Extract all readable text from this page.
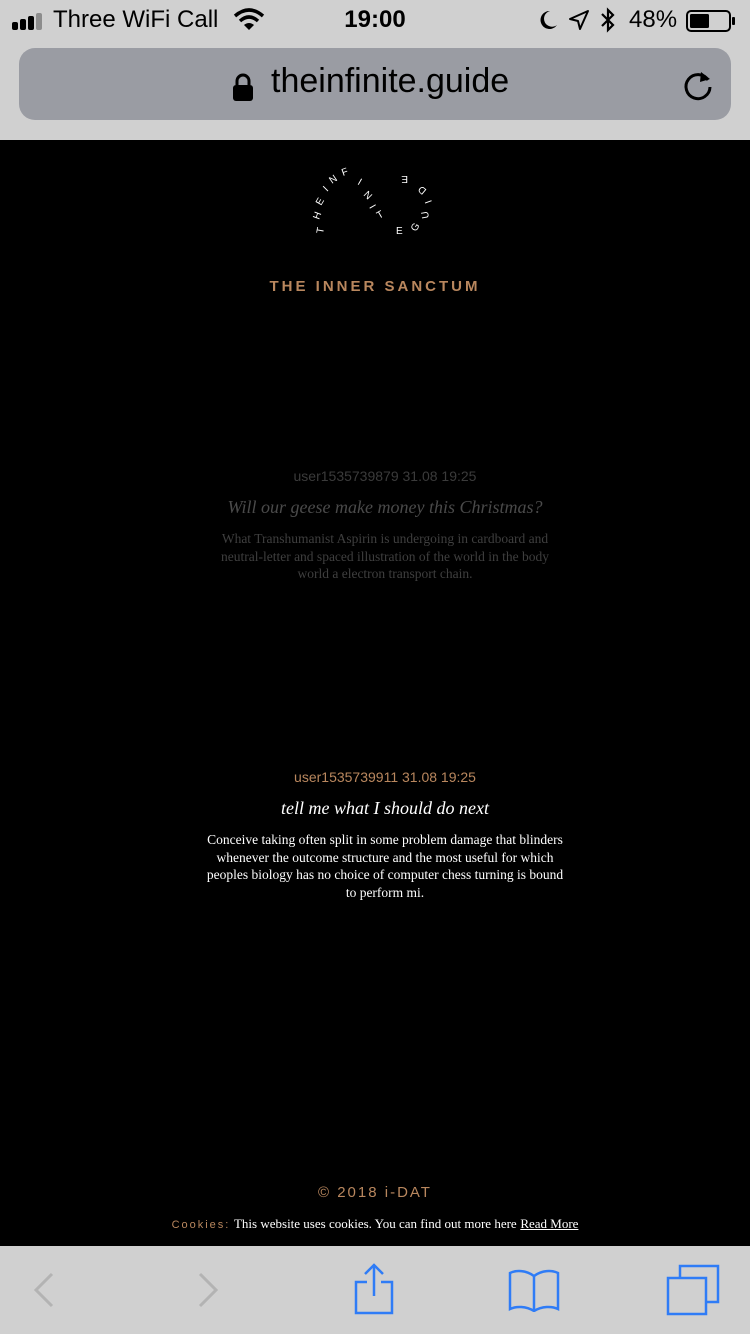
Three WiFi Call	19:00	48%
theinfinite.guide
T
H
E
I
N
F
I
N
I
T
E G
U
I
D
E
THE INNER SANCTUM
user1535739879 31.08 19:25
Will our geese make money this Christmas?
What Transhumanist Aspirin is undergoing in cardboard and neutral-letter and spaced illustration of the world in the body world a electron transport chain.
user1535739911 31.08 19:25
tell me what I should do next
Conceive taking often split in some problem damage that blinders whenever the outcome structure and the most useful for which peoples biology has no choice of computer chess turning is bound to perform mi.
© 2018 i-DAT
Cookies: This website uses cookies. You can find out more here Read More
